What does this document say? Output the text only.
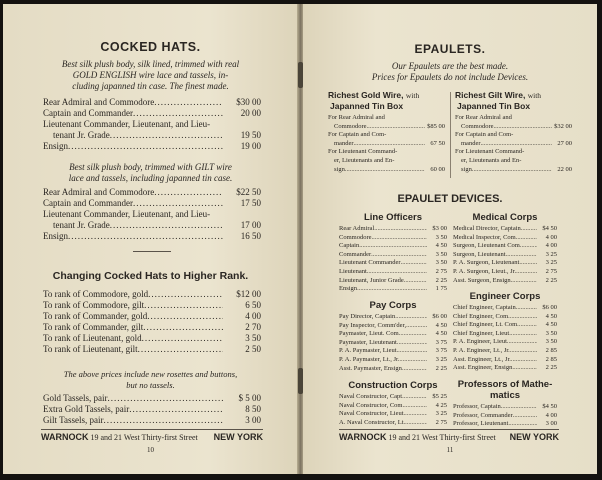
COCKED HATS.
Best silk plush body, silk lined, trimmed with real
GOLD ENGLISH wire lace and tassels, in-
cluding japanned tin case. The finest made.
Rear Admiral and Commodore .....	$30 00
Captain and Commander .....	20 00
Lieutenant Commander, Lieutenant, and Lieu-
tenant Jr. Grade .....	19 50
Ensign .....	19 00
Best silk plush body, trimmed with GILT wire
lace and tassels, including japanned tin case.
Rear Admiral and Commodore .....	$22 50
Captain and Commander .....	17 50
Lieutenant Commander, Lieutenant, and Lieu-
tenant Jr. Grade .....	17 00
Ensign .....	16 50
Changing Cocked Hats to Higher Rank.
To rank of Commodore, gold .....	$12 00
To rank of Commodore, gilt .....	6 50
To rank of Commander, gold .....	4 00
To rank of Commander, gilt .....	2 70
To rank of Lieutenant, gold .....	3 50
To rank of Lieutenant, gilt .....	2 50
The above prices include new rosettes and buttons,
but no tassels.
Gold Tassels, pair .....	$ 5 00
Extra Gold Tassels, pair .....	8 50
Gilt Tassels, pair .....	3 00
WARNOCK 19 and 21 West Thirty-first Street NEW YORK
10
EPAULETS.
Our Epaulets are the best made.
Prices for Epaulets do not include Devices.
Richest Gold Wire, with
Japanned Tin Box
For Rear Admiral and
Commodore .....	$85 00
For Captain and Com-
mander .....	67 50
For Lieutenant Command-
er, Lieutenants and En-
sign .....	60 00
Richest Gilt Wire, with
Japanned Tin Box
For Rear Admiral and
Commodore .....	$32 00
For Captain and Com-
mander .....	27 00
For Lieutenant Command-
er, Lieutenants and En-
sign .....	22 00
EPAULET DEVICES.
Line Officers
Rear Admiral .....	$3 00
Commodore .....	3 50
Captain .....	4 50
Commander .....	3 50
Lieutenant Commander .....	3 50
Lieutenant .....	2 75
Lieutenant, Junior Grade .....	2 25
Ensign .....	1 75
Medical Corps
Medical Director, Captain .....	$4 50
Medical Inspector, Com. .....	4 00
Surgeon, Lieutenant Com. .....	4 00
Surgeon, Lieutenant .....	3 25
P. A. Surgeon, Lieutenant .....	3 25
P. A. Surgeon, Lieut., Jr. .....	2 75
Asst. Surgeon, Ensign .....	2 25
Pay Corps
Pay Director, Captain .....	$6 00
Pay Inspector, Comm'der, .....	4 50
Paymaster, Lieut. Com. .....	4 50
Paymaster, Lieutenant .....	3 75
P. A. Paymaster, Lieut. .....	3 75
P. A. Paymaster, Lt., Jr. .....	3 25
Asst. Paymaster, Ensign .....	2 25
Engineer Corps
Chief Engineer, Captain .....	$6 00
Chief Engineer, Com. .....	4 50
Chief Engineer, Lt. Com. .....	4 50
Chief Engineer, Lieut. .....	3 50
P. A. Engineer, Lieut. .....	3 50
P. A. Engineer, Lt., Jr. .....	2 85
Asst. Engineer, Lt., Jr. .....	2 85
Asst. Engineer, Ensign .....	2 25
Construction Corps
Naval Constructor, Capt. .....	$5 25
Naval Constructor, Com. .....	4 25
Naval Constructor, Lieut. .....	3 25
A. Naval Constructor, Lt. .....	2 75
Professors of Mathe-
matics
Professor, Captain .....	$4 50
Professor, Commander .....	4 00
Professor, Lieutenant .....	3 00
WARNOCK 19 and 21 West Thirty-first Street NEW YORK
11
